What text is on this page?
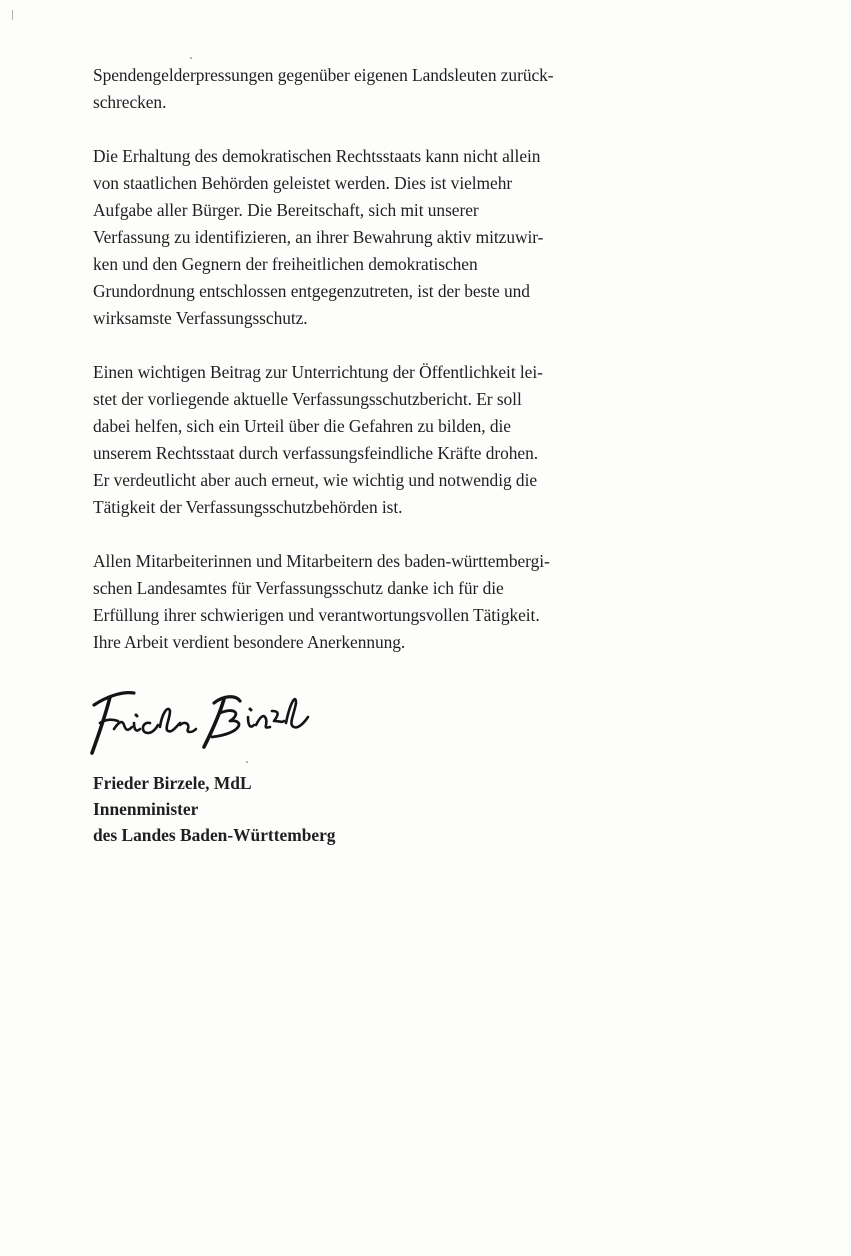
Spendengelderpressungen gegenüber eigenen Landsleuten zurück-
schrecken.

Die Erhaltung des demokratischen Rechtsstaats kann nicht allein
von staatlichen Behörden geleistet werden. Dies ist vielmehr
Aufgabe aller Bürger. Die Bereitschaft, sich mit unserer
Verfassung zu identifizieren, an ihrer Bewahrung aktiv mitzuwir-
ken und den Gegnern der freiheitlichen demokratischen
Grundordnung entschlossen entgegenzutreten, ist der beste und
wirksamste Verfassungsschutz.

Einen wichtigen Beitrag zur Unterrichtung der Öffentlichkeit lei-
stet der vorliegende aktuelle Verfassungsschutzbericht. Er soll
dabei helfen, sich ein Urteil über die Gefahren zu bilden, die
unserem Rechtsstaat durch verfassungsfeindliche Kräfte drohen.
Er verdeutlicht aber auch erneut, wie wichtig und notwendig die
Tätigkeit der Verfassungsschutzbehörden ist.

Allen Mitarbeiterinnen und Mitarbeitern des baden-württembergi-
schen Landesamtes für Verfassungsschutz danke ich für die
Erfüllung ihrer schwierigen und verantwortungsvollen Tätigkeit.
Ihre Arbeit verdient besondere Anerkennung.

Frieder Birzele, MdL
Innenminister
des Landes Baden-Württemberg
